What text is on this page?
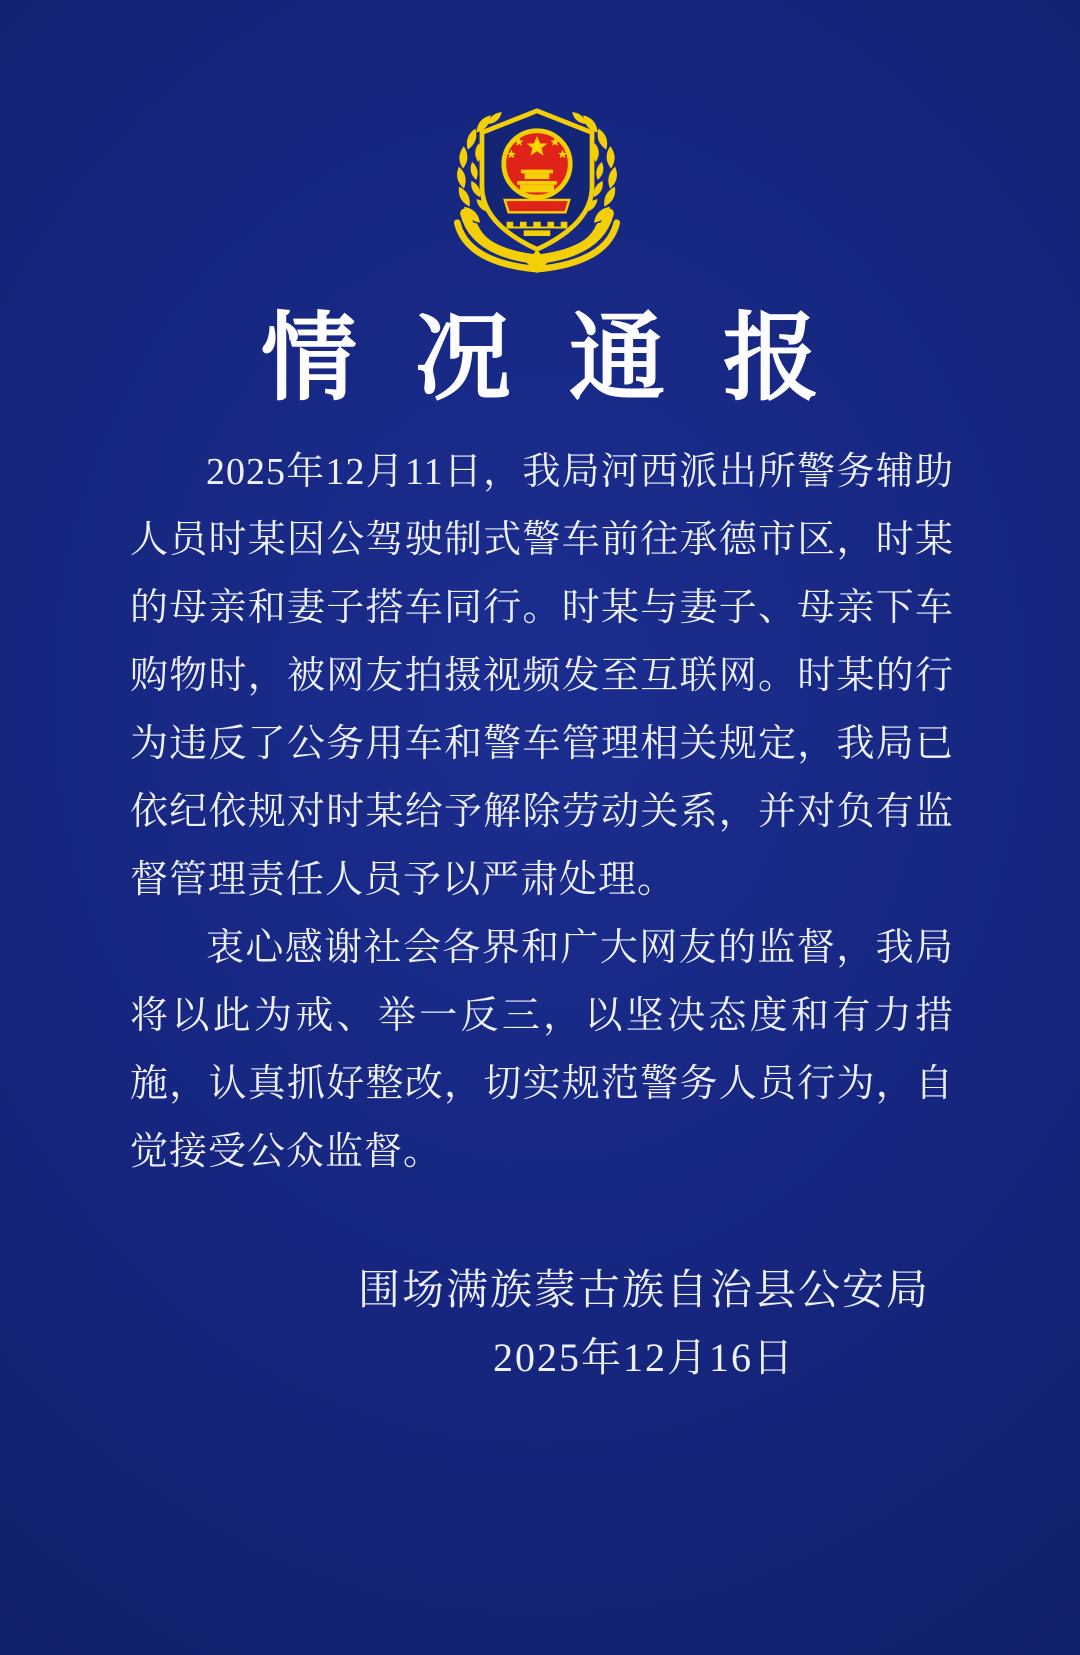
情况通报
2025年12月11日，我局河西派出所警务辅助
人员时某因公驾驶制式警车前往承德市区，时某
的母亲和妻子搭车同行。时某与妻子、母亲下车
购物时，被网友拍摄视频发至互联网。时某的行
为违反了公务用车和警车管理相关规定，我局已
依纪依规对时某给予解除劳动关系，并对负有监
督管理责任人员予以严肃处理。
衷心感谢社会各界和广大网友的监督，我局
将以此为戒、举一反三，以坚决态度和有力措
施，认真抓好整改，切实规范警务人员行为，自
觉接受公众监督。
围场满族蒙古族自治县公安局
2025年12月16日
